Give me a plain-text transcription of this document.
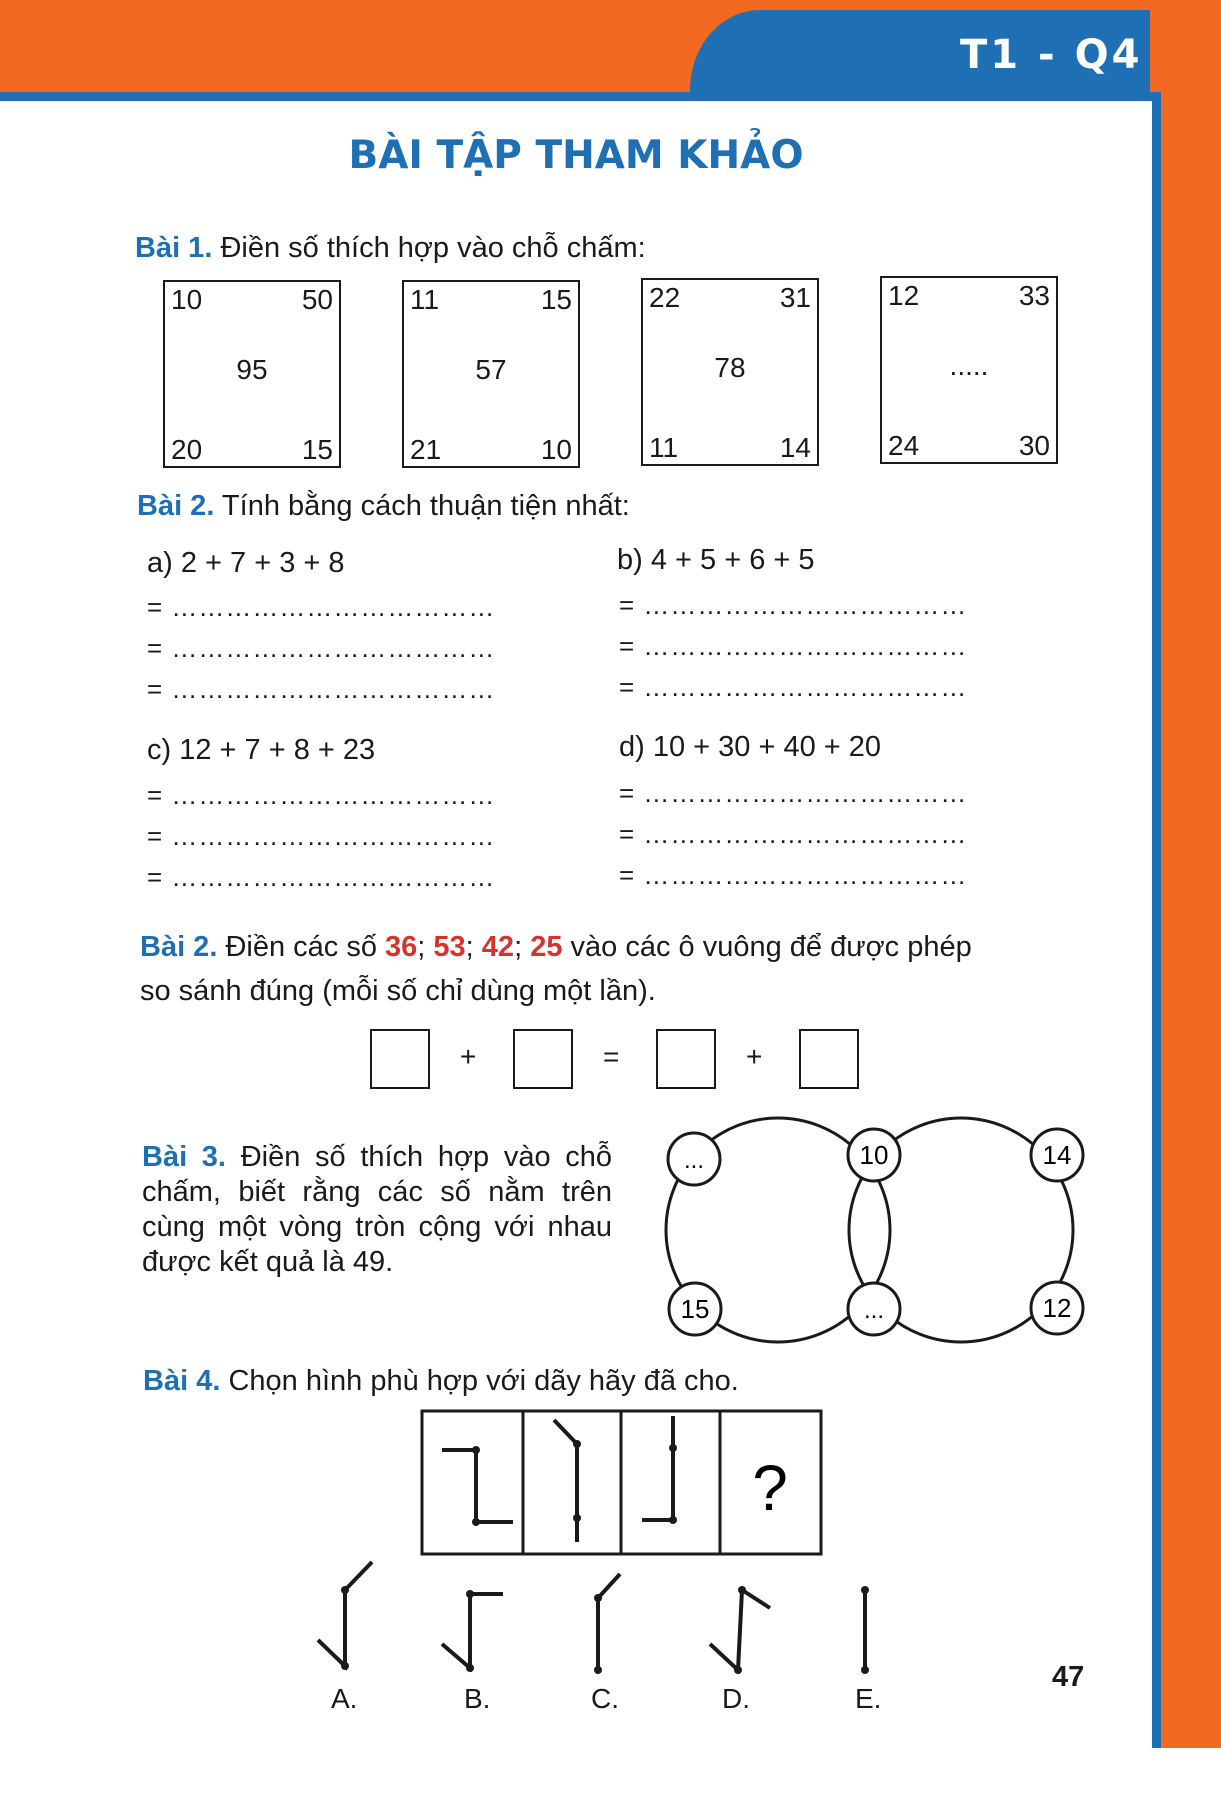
T1 - Q4
BÀI TẬP THAM KHẢO
Bài 1. Điền số thích hợp vào chỗ chấm:
10	50
95
20	15
11	15
57
21	10
22	31
78
11	14
12	33
.....
24	30
Bài 2. Tính bằng cách thuận tiện nhất:
a) 2 + 7 + 3 + 8	b) 4 + 5 + 6 + 5
= ………………………………
= ………………………………
= ………………………………
= ………………………………
= ………………………………
= ………………………………
c) 12 + 7 + 8 + 23	d) 10 + 30 + 40 + 20
= ………………………………
= ………………………………
= ………………………………
= ………………………………
= ………………………………
= ………………………………
Bài 2. Điền các số 36; 53; 42; 25 vào các ô vuông để được phép
so sánh đúng (mỗi số chỉ dùng một lần).
+	=	+
Bài 3. Điền số thích hợp vào chỗ chấm, biết rằng các số nằm trên cùng một vòng tròn cộng với nhau được kết quả là 49.
...	10	14
15	...	12
Bài 4. Chọn hình phù hợp với dãy hãy đã cho.
?
A.	B.	C.	D.	E.
47
